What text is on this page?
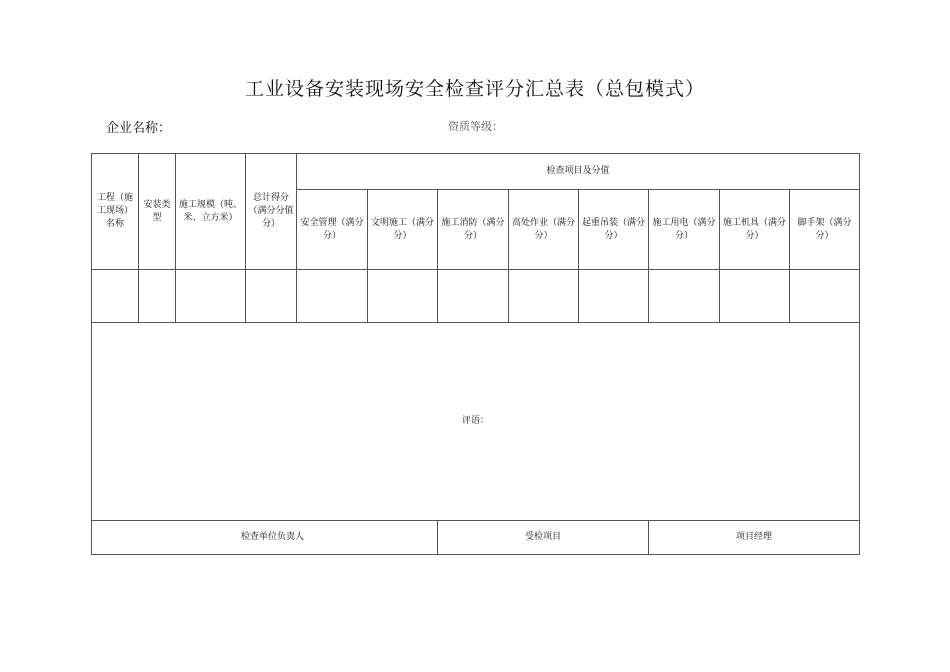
工业设备安装现场安全检查评分汇总表（总包模式）
企业名称：	资质等级：
工程（施工现场）名称	安装类型	施工规模（吨、米、立方米）	总计得分（满分分值分）	检查项目及分值							
				安全管理（满分分）	文明施工（满分分）	施工消防（满分分）	高处作业（满分分）	起重吊装（满分分）	施工用电（满分分）	施工机具（满分分）	脚手架（满分分）

评语：											
检查单位负责人						受检项目			项目经理		
